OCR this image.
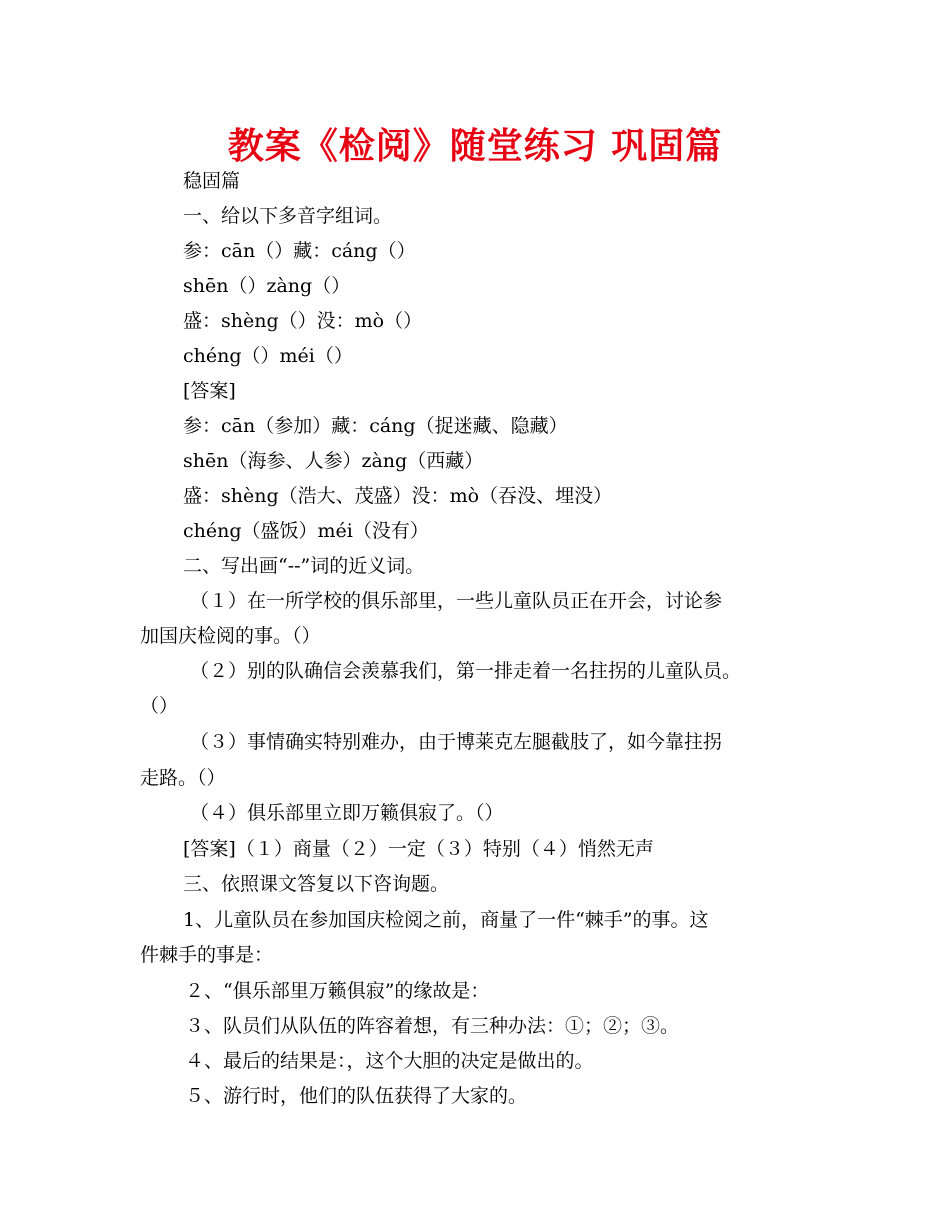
教案《检阅》随堂练习 巩固篇
稳固篇
一、给以下多音字组词。
参：cān（）藏：cáng（）
shēn（）zàng（）
盛：shèng（）没：mò（）
chéng（）méi（）
[答案]
参：cān（参加）藏：cáng（捉迷藏、隐藏）
shēn（海参、人参）zàng（西藏）
盛：shèng（浩大、茂盛）没：mò（吞没、埋没）
chéng（盛饭）méi（没有）
二、写出画“--”词的近义词。
（１）在一所学校的俱乐部里，一些儿童队员正在开会，讨论参
加国庆检阅的事。（）
（２）别的队确信会羡慕我们，第一排走着一名拄拐的儿童队员。
（）
（３）事情确实特别难办，由于博莱克左腿截肢了，如今靠拄拐
走路。（）
（４）俱乐部里立即万籁俱寂了。（）
[答案]（１）商量（２）一定（３）特别（４）悄然无声
三、依照课文答复以下咨询题。
1、儿童队员在参加国庆检阅之前，商量了一件“棘手”的事。这
件棘手的事是：
２、“俱乐部里万籁俱寂”的缘故是：
３、队员们从队伍的阵容着想，有三种办法：①；②；③。
４、最后的结果是：，这个大胆的决定是做出的。
５、游行时，他们的队伍获得了大家的。
